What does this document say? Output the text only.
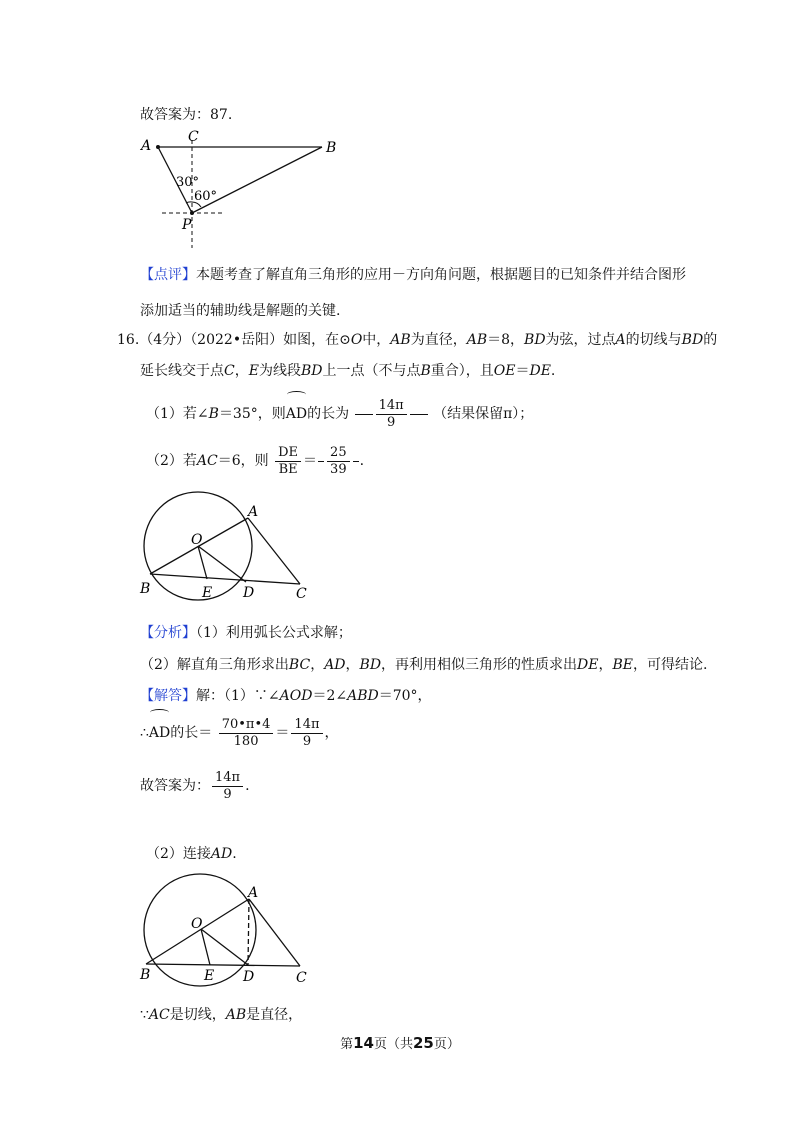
故答案为：87.
A
C
B
P
30°
60°
【点评】本题考查了解直角三角形的应用－方向角问题，根据题目的已知条件并结合图形
添加适当的辅助线是解题的关键.
16.（4分）（2022•岳阳）如图，在⊙O中，AB为直径，AB＝8，BD为弦，过点A的切线与BD的
延长线交于点C，E为线段BD上一点（不与点B重合），且OE＝DE.
（1）若∠B＝35°，则AD的长为 $\frac{14\pi}{9}$ （结果保留π）；
（2）若AC＝6，则 $\frac{DE}{BE} = \frac{25}{39}$ .
O
A
B	E D	C
【分析】（1）利用弧长公式求解；
（2）解直角三角形求出BC，AD，BD，再利用相似三角形的性质求出DE，BE，可得结论.
【解答】解：（1）∵∠AOD＝2∠ABD＝70°，
∴AD的长＝ $\frac{70•\pi•4}{180} = \frac{14\pi}{9}$ ，
故答案为： $\frac{14\pi}{9}$ .
（2）连接AD.
O
A
B	E D	C
∵AC是切线，AB是直径，
第14页（共25页）
